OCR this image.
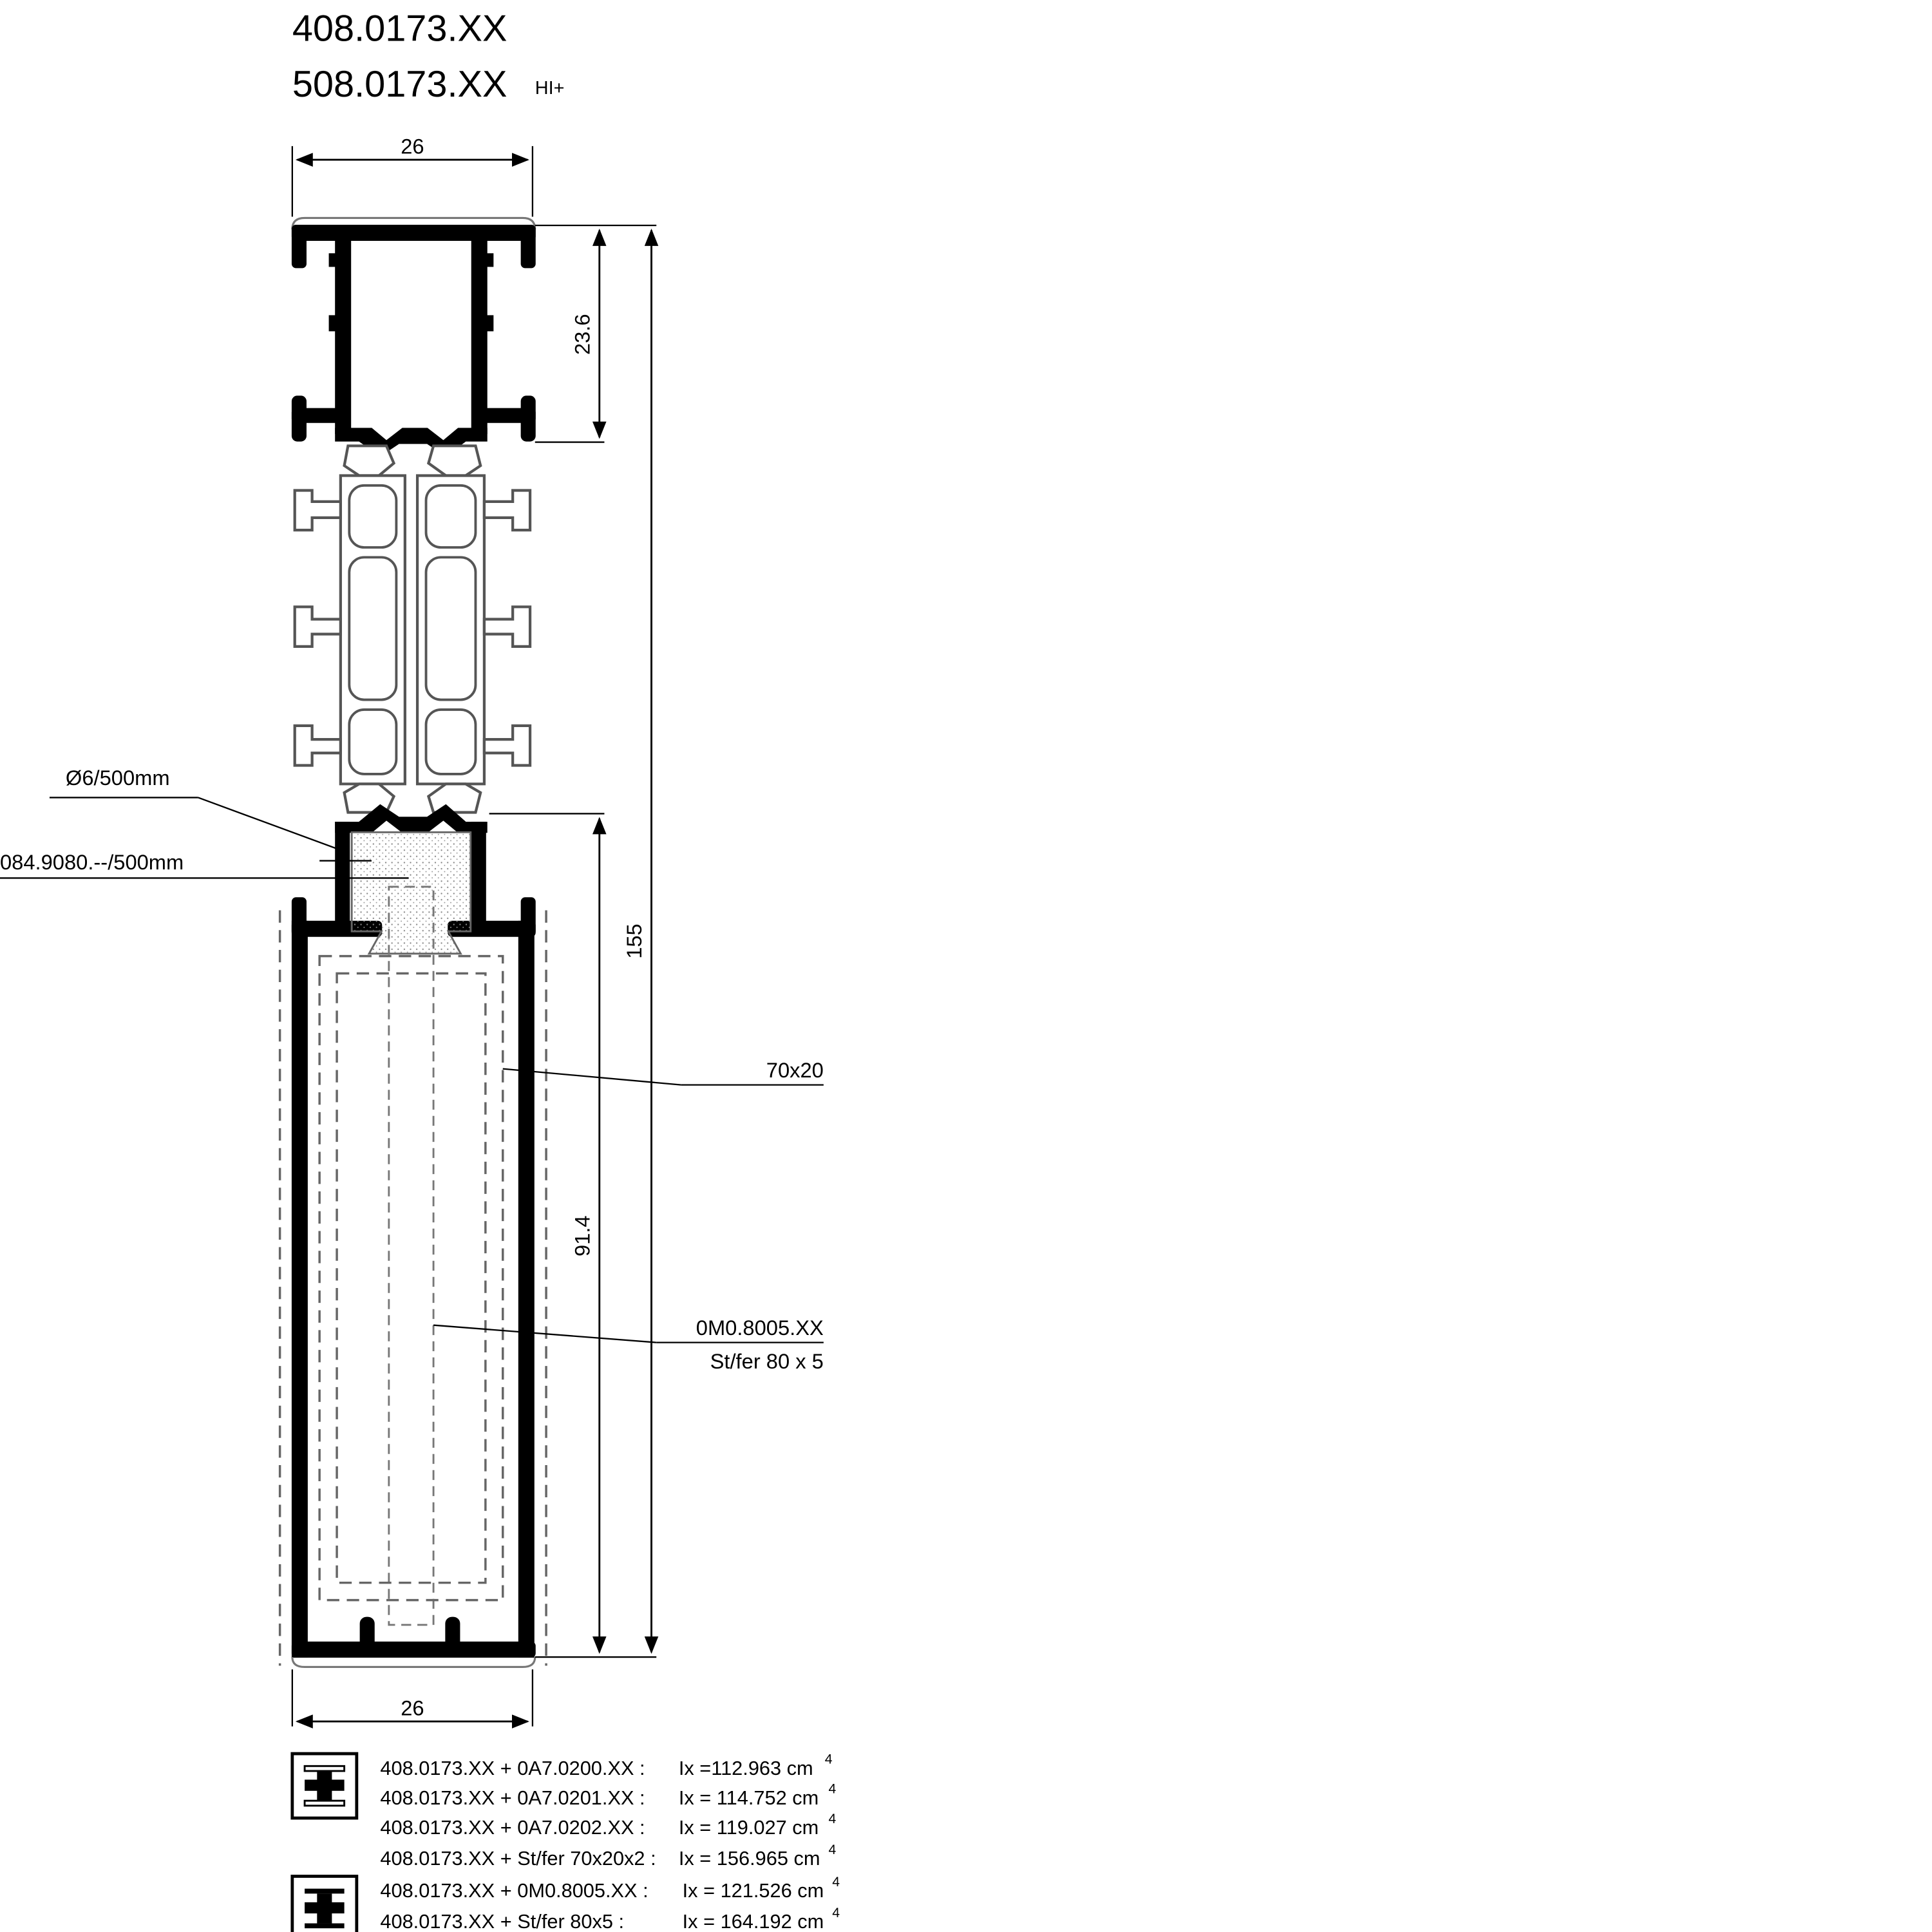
408.0173.XX
508.0173.XX	HI+
26
23.6
155
91.4
26
Ø6/500mm
084.9080.--/500mm
70x20
0M0.8005.XX
St/fer 80 x 5
408.0173.XX + 0A7.0200.XX :	Ix =112.963 cm 4
408.0173.XX + 0A7.0201.XX :	Ix = 114.752 cm 4
408.0173.XX + 0A7.0202.XX :	Ix = 119.027 cm 4
408.0173.XX + St/fer 70x20x2 : Ix = 156.965 cm 4
408.0173.XX + 0M0.8005.XX :	Ix = 121.526 cm 4
408.0173.XX + St/fer 80x5 :	Ix = 164.192 cm 4
